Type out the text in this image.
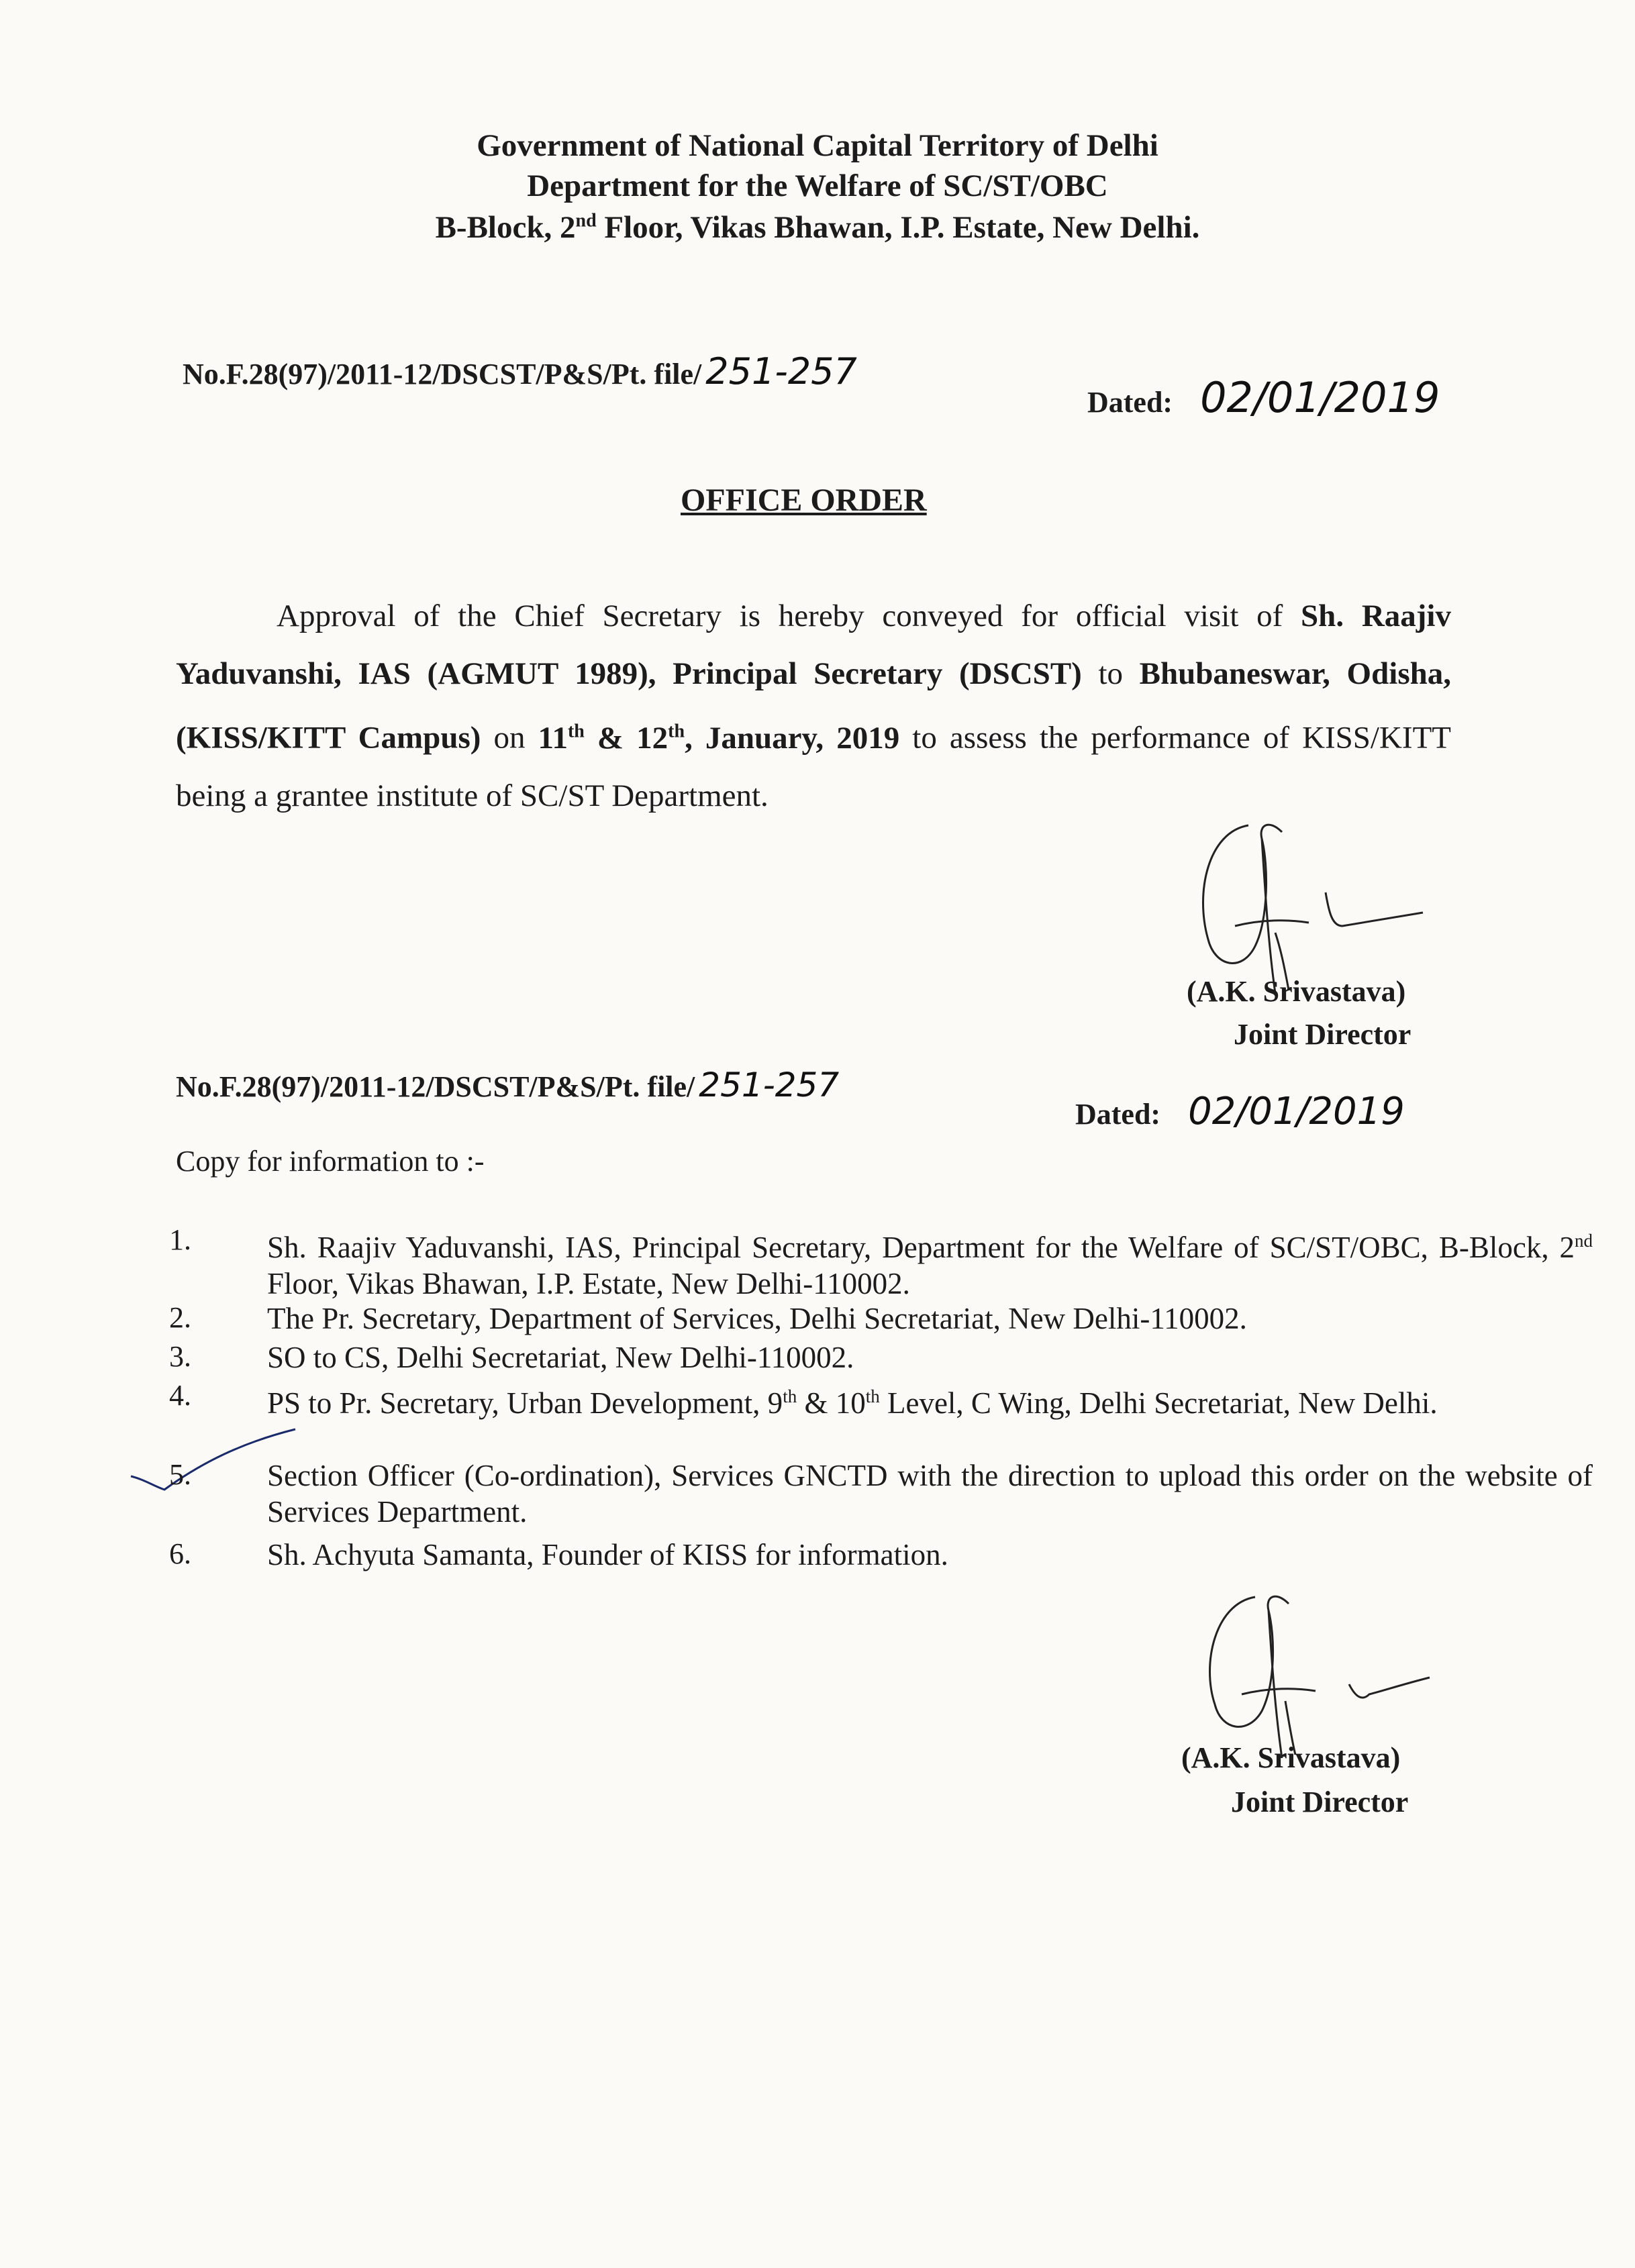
Government of National Capital Territory of Delhi
Department for the Welfare of SC/ST/OBC
B-Block, 2nd Floor, Vikas Bhawan, I.P. Estate, New Delhi.
No.F.28(97)/2011-12/DSCST/P&S/Pt. file/ 251-257
Dated: 02/01/2019
OFFICE ORDER
Approval of the Chief Secretary is hereby conveyed for official visit of Sh. Raajiv Yaduvanshi, IAS (AGMUT 1989), Principal Secretary (DSCST) to Bhubaneswar, Odisha, (KISS/KITT Campus) on 11th & 12th, January, 2019 to assess the performance of KISS/KITT being a grantee institute of SC/ST Department.
(A.K. Srivastava)
Joint Director
No.F.28(97)/2011-12/DSCST/P&S/Pt. file/ 251-257
Dated: 02/01/2019
Copy for information to :-
1.	Sh. Raajiv Yaduvanshi, IAS, Principal Secretary, Department for the Welfare of SC/ST/OBC, B-Block, 2nd Floor, Vikas Bhawan, I.P. Estate, New Delhi-110002.
2.	The Pr. Secretary, Department of Services, Delhi Secretariat, New Delhi-110002.
3.	SO to CS, Delhi Secretariat, New Delhi-110002.
4.	PS to Pr. Secretary, Urban Development, 9th & 10th Level, C Wing, Delhi Secretariat, New Delhi.
5.	Section Officer (Co-ordination), Services GNCTD with the direction to upload this order on the website of Services Department.
6.	Sh. Achyuta Samanta, Founder of KISS for information.
(A.K. Srivastava)
Joint Director
